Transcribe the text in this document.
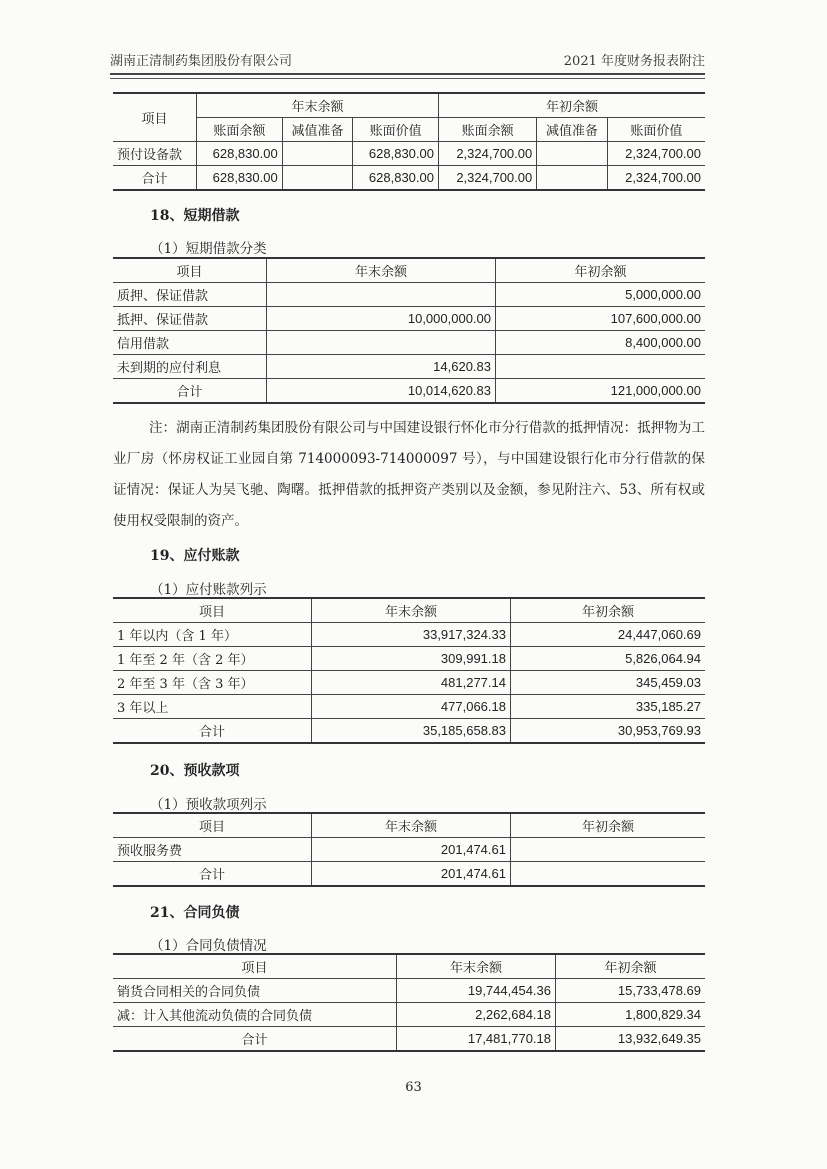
湖南正清制药集团股份有限公司	2021 年度财务报表附注
项目	年末余额			年初余额		
	账面余额	减值准备	账面价值	账面余额	减值准备	账面价值
预付设备款	628,830.00		628,830.00	2,324,700.00		2,324,700.00
合计	628,830.00		628,830.00	2,324,700.00		2,324,700.00
18、短期借款
（1）短期借款分类
项目	年末余额	年初余额
质押、保证借款		5,000,000.00
抵押、保证借款	10,000,000.00	107,600,000.00
信用借款		8,400,000.00
未到期的应付利息	14,620.83	
合计	10,014,620.83	121,000,000.00
注：湖南正清制药集团股份有限公司与中国建设银行怀化市分行借款的抵押情况：抵押物为工业厂房（怀房权证工业园自第 714000093-714000097 号），与中国建设银行化市分行借款的保证情况：保证人为吴飞驰、陶曙。抵押借款的抵押资产类别以及金额，参见附注六、53、所有权或使用权受限制的资产。
19、应付账款
（1）应付账款列示
项目	年末余额	年初余额
1 年以内（含 1 年）	33,917,324.33	24,447,060.69
1 年至 2 年（含 2 年）	309,991.18	5,826,064.94
2 年至 3 年（含 3 年）	481,277.14	345,459.03
3 年以上	477,066.18	335,185.27
合计	35,185,658.83	30,953,769.93
20、预收款项
（1）预收款项列示
项目	年末余额	年初余额
预收服务费	201,474.61	
合计	201,474.61	
21、合同负债
（1）合同负债情况
项目	年末余额	年初余额
销货合同相关的合同负债	19,744,454.36	15,733,478.69
减：计入其他流动负债的合同负债	2,262,684.18	1,800,829.34
合计	17,481,770.18	13,932,649.35
63
